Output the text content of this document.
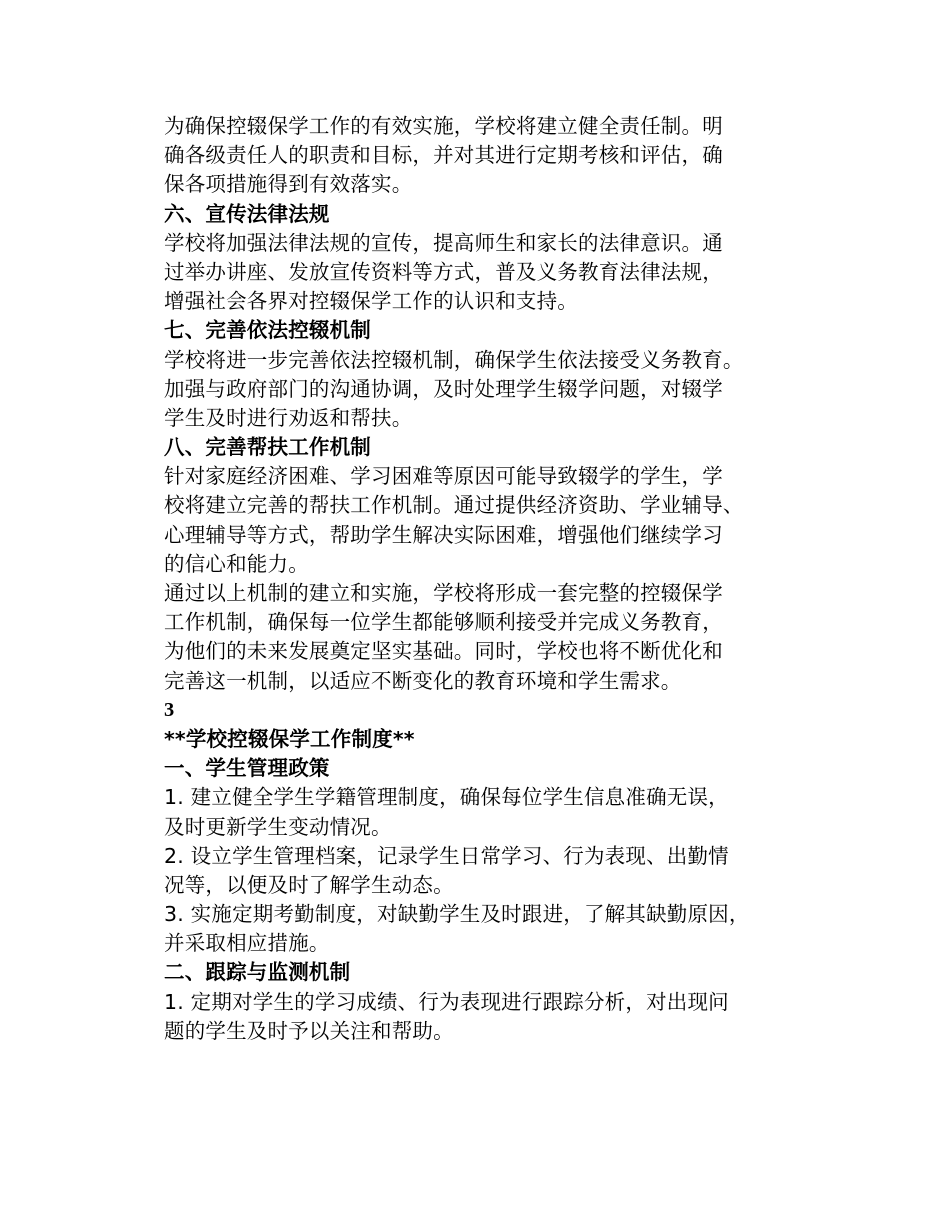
为确保控辍保学工作的有效实施，学校将建立健全责任制。明
确各级责任人的职责和目标，并对其进行定期考核和评估，确
保各项措施得到有效落实。
六、宣传法律法规
学校将加强法律法规的宣传，提高师生和家长的法律意识。通
过举办讲座、发放宣传资料等方式，普及义务教育法律法规，
增强社会各界对控辍保学工作的认识和支持。
七、完善依法控辍机制
学校将进一步完善依法控辍机制，确保学生依法接受义务教育。
加强与政府部门的沟通协调，及时处理学生辍学问题，对辍学
学生及时进行劝返和帮扶。
八、完善帮扶工作机制
针对家庭经济困难、学习困难等原因可能导致辍学的学生，学
校将建立完善的帮扶工作机制。通过提供经济资助、学业辅导、
心理辅导等方式，帮助学生解决实际困难，增强他们继续学习
的信心和能力。
通过以上机制的建立和实施，学校将形成一套完整的控辍保学
工作机制，确保每一位学生都能够顺利接受并完成义务教育，
为他们的未来发展奠定坚实基础。同时，学校也将不断优化和
完善这一机制，以适应不断变化的教育环境和学生需求。
3
**学校控辍保学工作制度**
一、学生管理政策
1. 建立健全学生学籍管理制度，确保每位学生信息准确无误，
及时更新学生变动情况。
2. 设立学生管理档案，记录学生日常学习、行为表现、出勤情
况等，以便及时了解学生动态。
3. 实施定期考勤制度，对缺勤学生及时跟进，了解其缺勤原因，
并采取相应措施。
二、跟踪与监测机制
1. 定期对学生的学习成绩、行为表现进行跟踪分析，对出现问
题的学生及时予以关注和帮助。
